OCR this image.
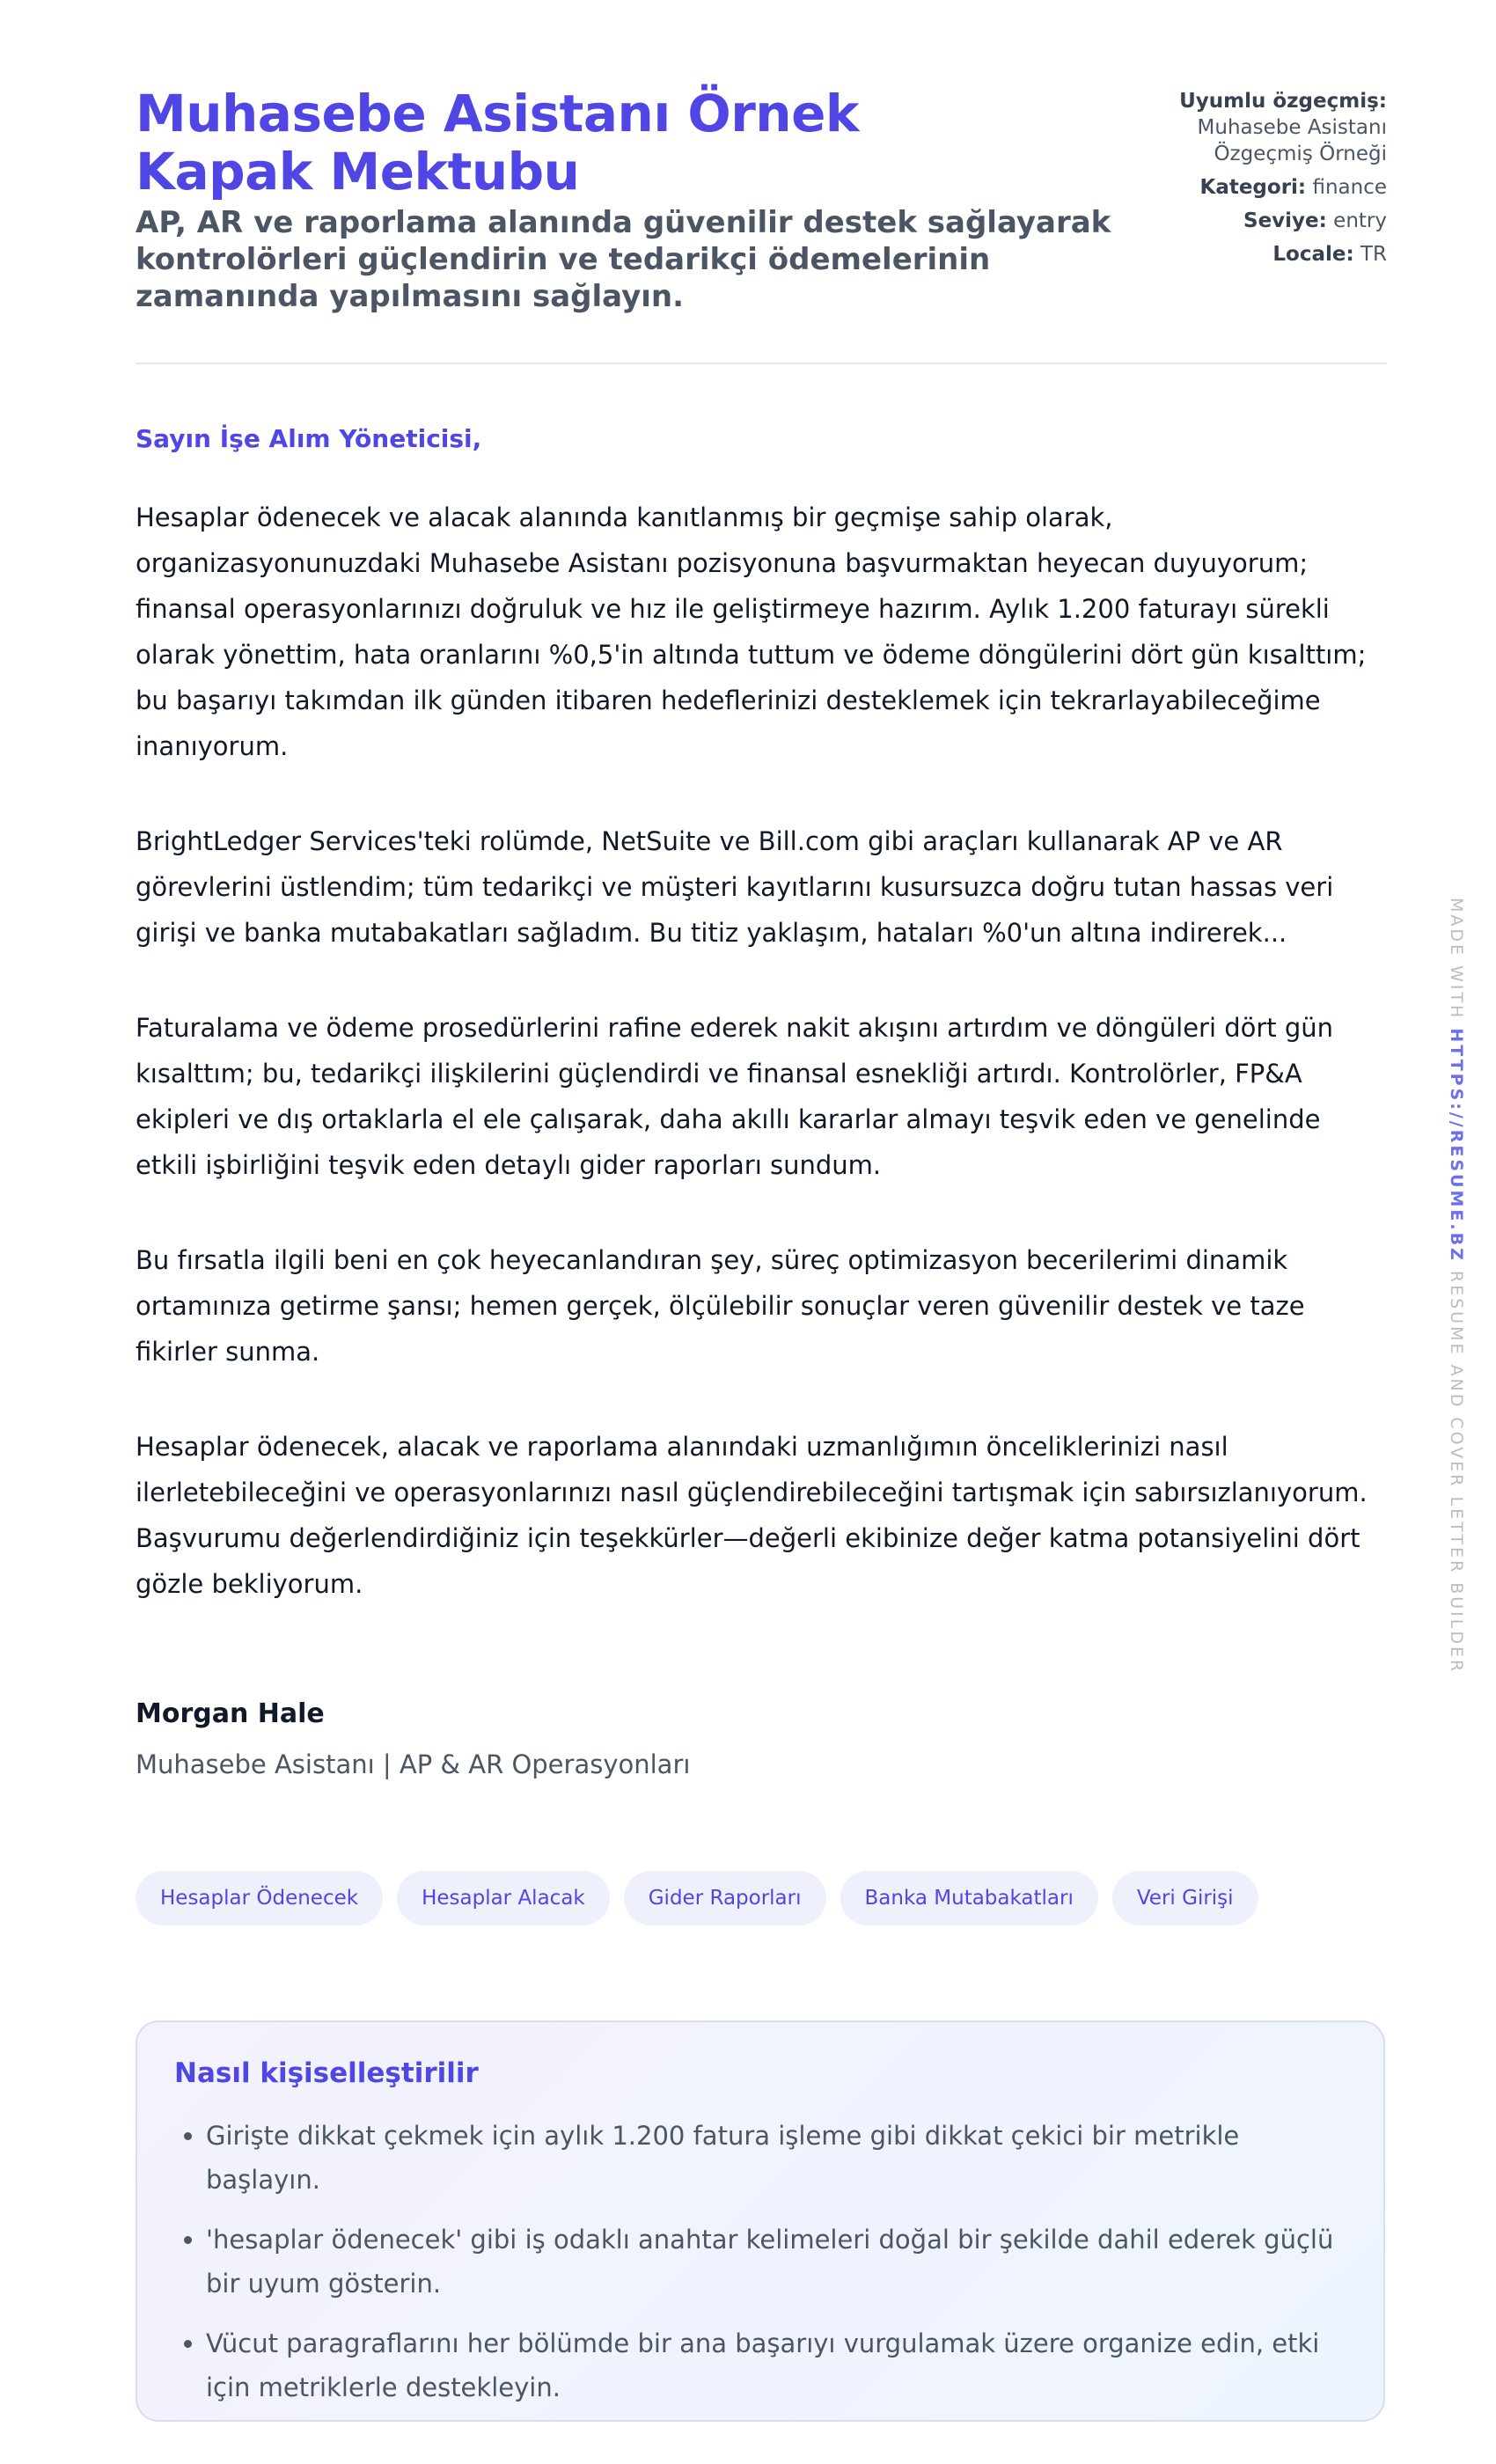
Muhasebe Asistanı Örnek Kapak Mektubu
AP, AR ve raporlama alanında güvenilir destek sağlayarak kontrolörleri güçlendirin ve tedarikçi ödemelerinin zamanında yapılmasını sağlayın.
Uyumlu özgeçmiş:
Muhasebe Asistanı Özgeçmiş Örneği
Kategori: finance
Seviye: entry
Locale: TR

Sayın İşe Alım Yöneticisi,

Hesaplar ödenecek ve alacak alanında kanıtlanmış bir geçmişe sahip olarak, organizasyonunuzdaki Muhasebe Asistanı pozisyonuna başvurmaktan heyecan duyuyorum; finansal operasyonlarınızı doğruluk ve hız ile geliştirmeye hazırım. Aylık 1.200 faturayı sürekli olarak yönettim, hata oranlarını %0,5'in altında tuttum ve ödeme döngülerini dört gün kısalttım; bu başarıyı takımdan ilk günden itibaren hedeflerinizi desteklemek için tekrarlayabileceğime inanıyorum.

BrightLedger Services'teki rolümde, NetSuite ve Bill.com gibi araçları kullanarak AP ve AR görevlerini üstlendim; tüm tedarikçi ve müşteri kayıtlarını kusursuzca doğru tutan hassas veri girişi ve banka mutabakatları sağladım. Bu titiz yaklaşım, hataları %0'un altına indirerek...

Faturalama ve ödeme prosedürlerini rafine ederek nakit akışını artırdım ve döngüleri dört gün kısalttım; bu, tedarikçi ilişkilerini güçlendirdi ve finansal esnekliği artırdı. Kontrolörler, FP&A ekipleri ve dış ortaklarla el ele çalışarak, daha akıllı kararlar almayı teşvik eden ve genelinde etkili işbirliğini teşvik eden detaylı gider raporları sundum.

Bu fırsatla ilgili beni en çok heyecanlandıran şey, süreç optimizasyon becerilerimi dinamik ortamınıza getirme şansı; hemen gerçek, ölçülebilir sonuçlar veren güvenilir destek ve taze fikirler sunma.

Hesaplar ödenecek, alacak ve raporlama alanındaki uzmanlığımın önceliklerinizi nasıl ilerletebileceğini ve operasyonlarınızı nasıl güçlendirebileceğini tartışmak için sabırsızlanıyorum. Başvurumu değerlendirdiğiniz için teşekkürler—değerli ekibinize değer katma potansiyelini dört gözle bekliyorum.

Morgan Hale

Muhasebe Asistanı | AP & AR Operasyonları

Hesaplar Ödenecek	Hesaplar Alacak	Gider Raporları	Banka Mutabakatları	Veri Girişi
Nasıl kişiselleştirilir
• Girişte dikkat çekmek için aylık 1.200 fatura işleme gibi dikkat çekici bir metrikle başlayın.
• 'hesaplar ödenecek' gibi iş odaklı anahtar kelimeleri doğal bir şekilde dahil ederek güçlü bir uyum gösterin.
• Vücut paragraflarını her bölümde bir ana başarıyı vurgulamak üzere organize edin, etki için metriklerle destekleyin.
MADE WITH HTTPS://RESUME.BZ RESUME AND COVER LETTER BUILDER
